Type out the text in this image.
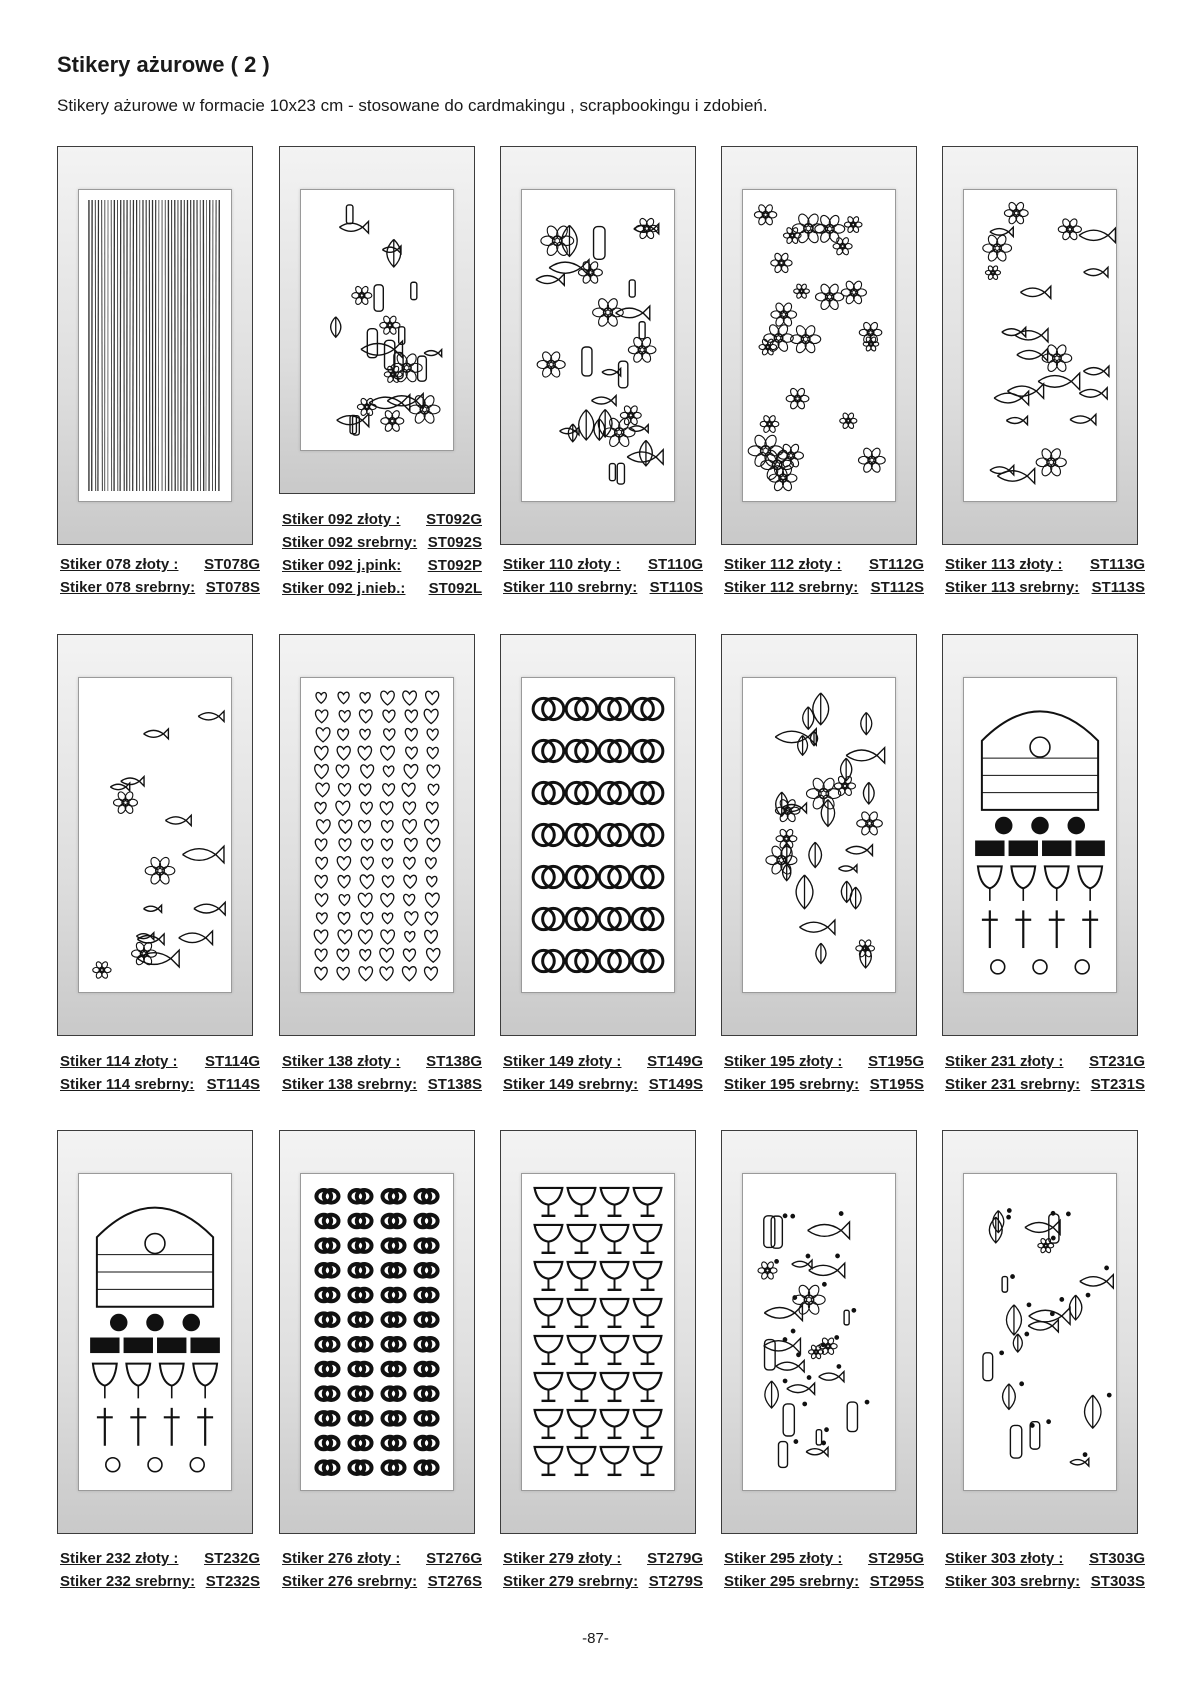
Stikery ażurowe ( 2 )
Stikery ażurowe w formacie 10x23 cm - stosowane do cardmakingu , scrapbookingu i zdobień.
Stiker 078 złoty : ST078G
Stiker 078 srebrny: ST078S
Stiker 092 złoty : ST092G
Stiker 092 srebrny: ST092S
Stiker 092 j.pink: ST092P
Stiker 092 j.nieb.: ST092L
Stiker 110 złoty : ST110G
Stiker 110 srebrny: ST110S
Stiker 112 złoty : ST112G
Stiker 112 srebrny: ST112S
Stiker 113 złoty : ST113G
Stiker 113 srebrny: ST113S
Stiker 114 złoty : ST114G
Stiker 114 srebrny: ST114S
Stiker 138 złoty : ST138G
Stiker 138 srebrny: ST138S
Stiker 149 złoty : ST149G
Stiker 149 srebrny: ST149S
Stiker 195 złoty : ST195G
Stiker 195 srebrny: ST195S
Stiker 231 złoty : ST231G
Stiker 231 srebrny: ST231S
Stiker 232 złoty : ST232G
Stiker 232 srebrny: ST232S
Stiker 276 złoty : ST276G
Stiker 276 srebrny: ST276S
Stiker 279 złoty : ST279G
Stiker 279 srebrny: ST279S
Stiker 295 złoty : ST295G
Stiker 295 srebrny: ST295S
Stiker 303 złoty : ST303G
Stiker 303 srebrny: ST303S
-87-
